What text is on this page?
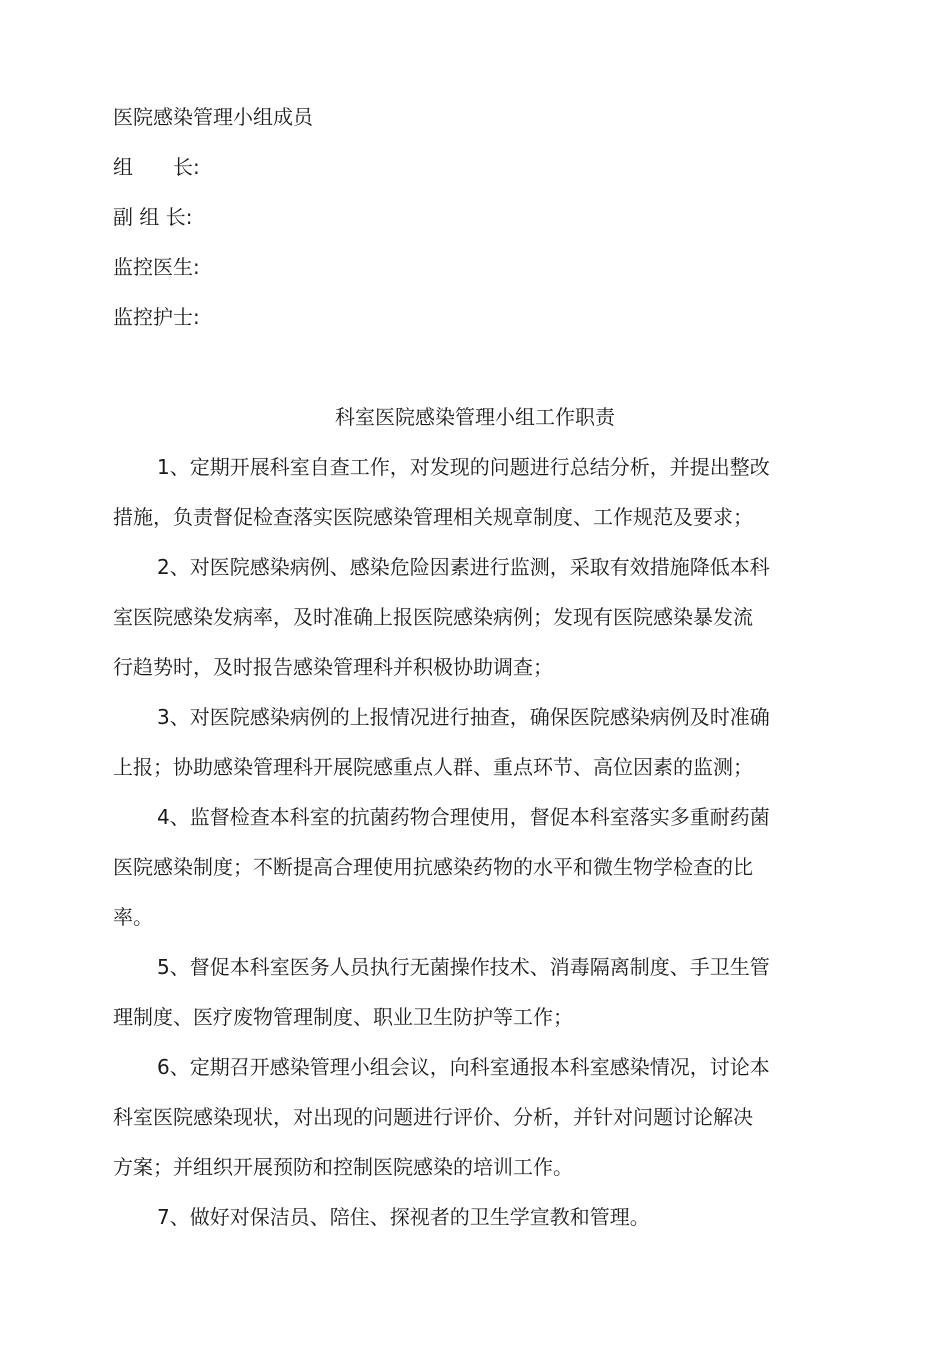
医院感染管理小组成员
组　　长:
副 组 长:
监控医生:
监控护士:
科室医院感染管理小组工作职责

1、定期开展科室自查工作，对发现的问题进行总结分析，并提出整改
措施，负责督促检查落实医院感染管理相关规章制度、工作规范及要求；

2、对医院感染病例、感染危险因素进行监测，采取有效措施降低本科
室医院感染发病率，及时准确上报医院感染病例；发现有医院感染暴发流
行趋势时，及时报告感染管理科并积极协助调查；

3、对医院感染病例的上报情况进行抽查，确保医院感染病例及时准确
上报；协助感染管理科开展院感重点人群、重点环节、高位因素的监测；

4、监督检查本科室的抗菌药物合理使用，督促本科室落实多重耐药菌
医院感染制度；不断提高合理使用抗感染药物的水平和微生物学检查的比
率。

5、督促本科室医务人员执行无菌操作技术、消毒隔离制度、手卫生管
理制度、医疗废物管理制度、职业卫生防护等工作；

6、定期召开感染管理小组会议，向科室通报本科室感染情况，讨论本
科室医院感染现状，对出现的问题进行评价、分析，并针对问题讨论解决
方案；并组织开展预防和控制医院感染的培训工作。

7、做好对保洁员、陪住、探视者的卫生学宣教和管理。
